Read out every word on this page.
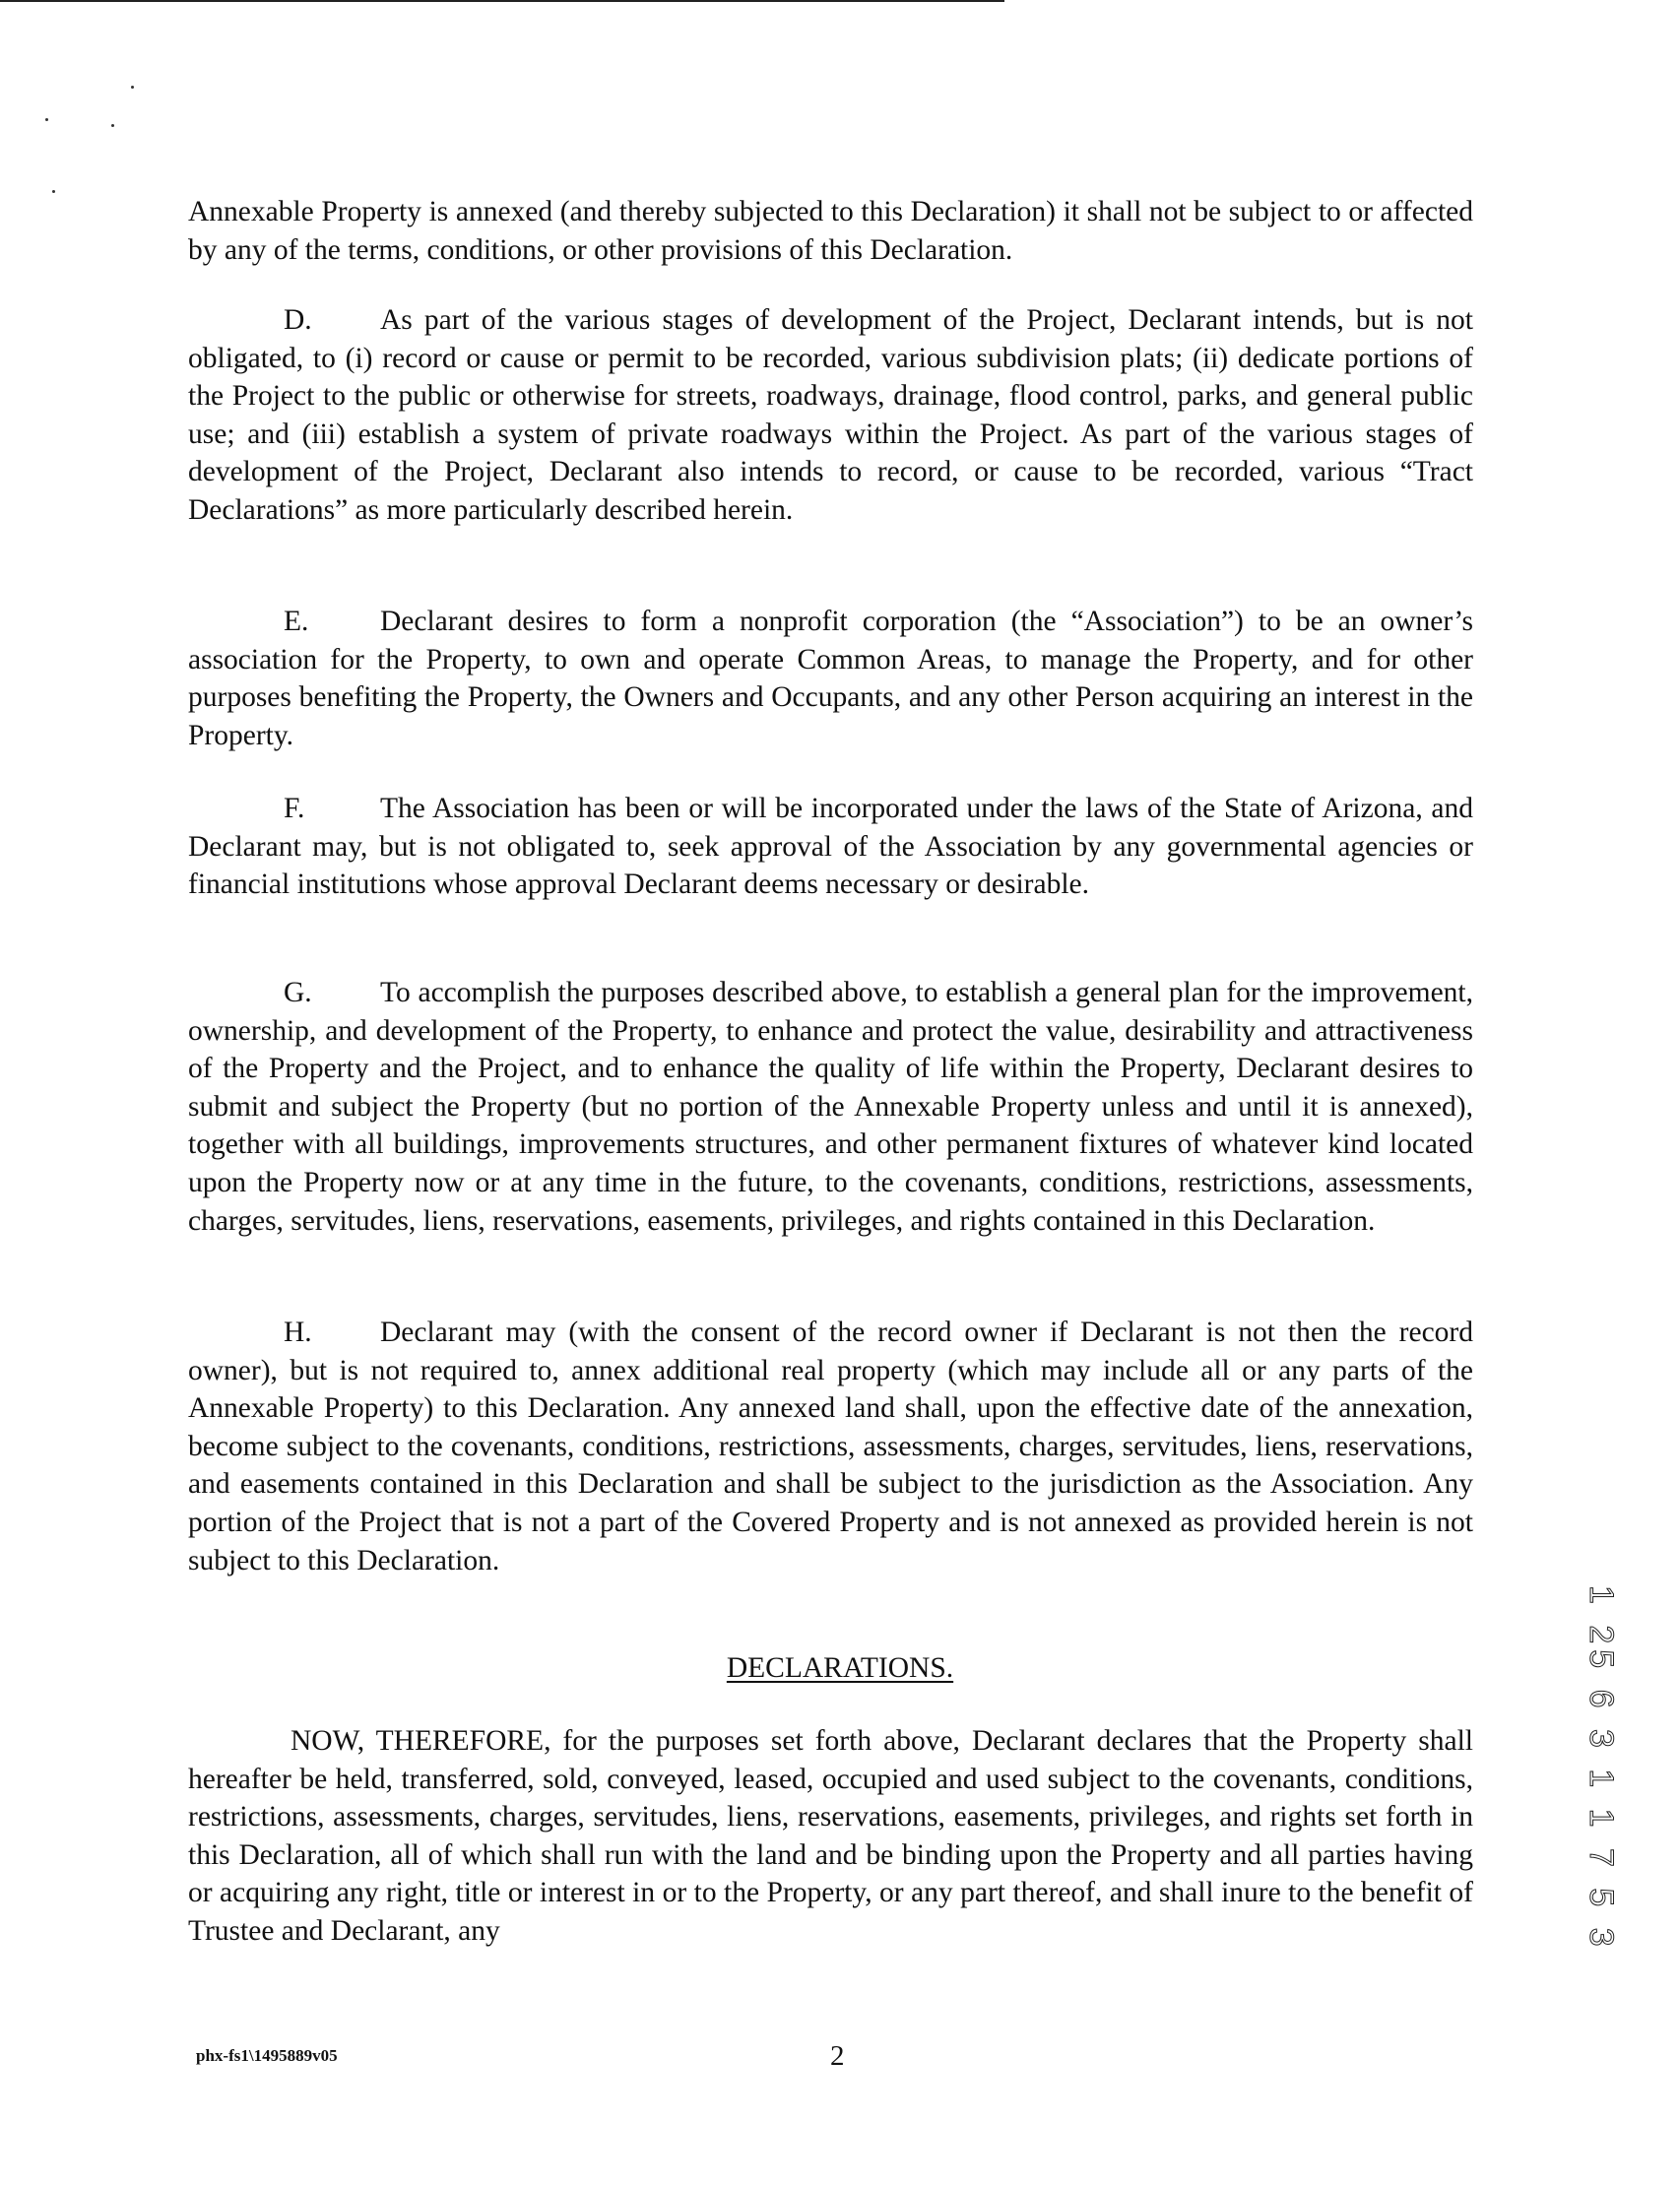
Annexable Property is annexed (and thereby subjected to this Declaration) it shall not be subject to or affected by any of the terms, conditions, or other provisions of this Declaration.

D. As part of the various stages of development of the Project, Declarant intends, but is not obligated, to (i) record or cause or permit to be recorded, various subdivision plats; (ii) dedicate portions of the Project to the public or otherwise for streets, roadways, drainage, flood control, parks, and general public use; and (iii) establish a system of private roadways within the Project. As part of the various stages of development of the Project, Declarant also intends to record, or cause to be recorded, various “Tract Declarations” as more particularly described herein.

E. Declarant desires to form a nonprofit corporation (the “Association”) to be an owner’s association for the Property, to own and operate Common Areas, to manage the Property, and for other purposes benefiting the Property, the Owners and Occupants, and any other Person acquiring an interest in the Property.

F.	The Association has been or will be incorporated under the laws of the State of Arizona, and Declarant may, but is not obligated to, seek approval of the Association by any governmental agencies or financial institutions whose approval Declarant deems necessary or desirable.

G. To accomplish the purposes described above, to establish a general plan for the improvement, ownership, and development of the Property, to enhance and protect the value, desirability and attractiveness of the Property and the Project, and to enhance the quality of life within the Property, Declarant desires to submit and subject the Property (but no portion of the Annexable Property unless and until it is annexed), together with all buildings, improvements structures, and other permanent fixtures of whatever kind located upon the Property now or at any time in the future, to the covenants, conditions, restrictions, assessments, charges, servitudes, liens, reservations, easements, privileges, and rights contained in this Declaration.

H. Declarant may (with the consent of the record owner if Declarant is not then the record owner), but is not required to, annex additional real property (which may include all or any parts of the Annexable Property) to this Declaration. Any annexed land shall, upon the effective date of the annexation, become subject to the covenants, conditions, restrictions, assessments, charges, servitudes, liens, reservations, and easements contained in this Declaration and shall be subject to the jurisdiction as the Association. Any portion of the Project that is not a part of the Covered Property and is not annexed as provided herein is not subject to this Declaration.

DECLARATIONS.

NOW, THEREFORE, for the purposes set forth above, Declarant declares that the Property shall hereafter be held, transferred, sold, conveyed, leased, occupied and used subject to the covenants, conditions, restrictions, assessments, charges, servitudes, liens, reservations, easements, privileges, and rights set forth in this Declaration, all of which shall run with the land and be binding upon the Property and all parties having or acquiring any right, title or interest in or to the Property, or any part thereof, and shall inure to the benefit of Trustee and Declarant, any

phx-fs1\1495889v05	2
1 25 6 3 1 1 7 5 3
